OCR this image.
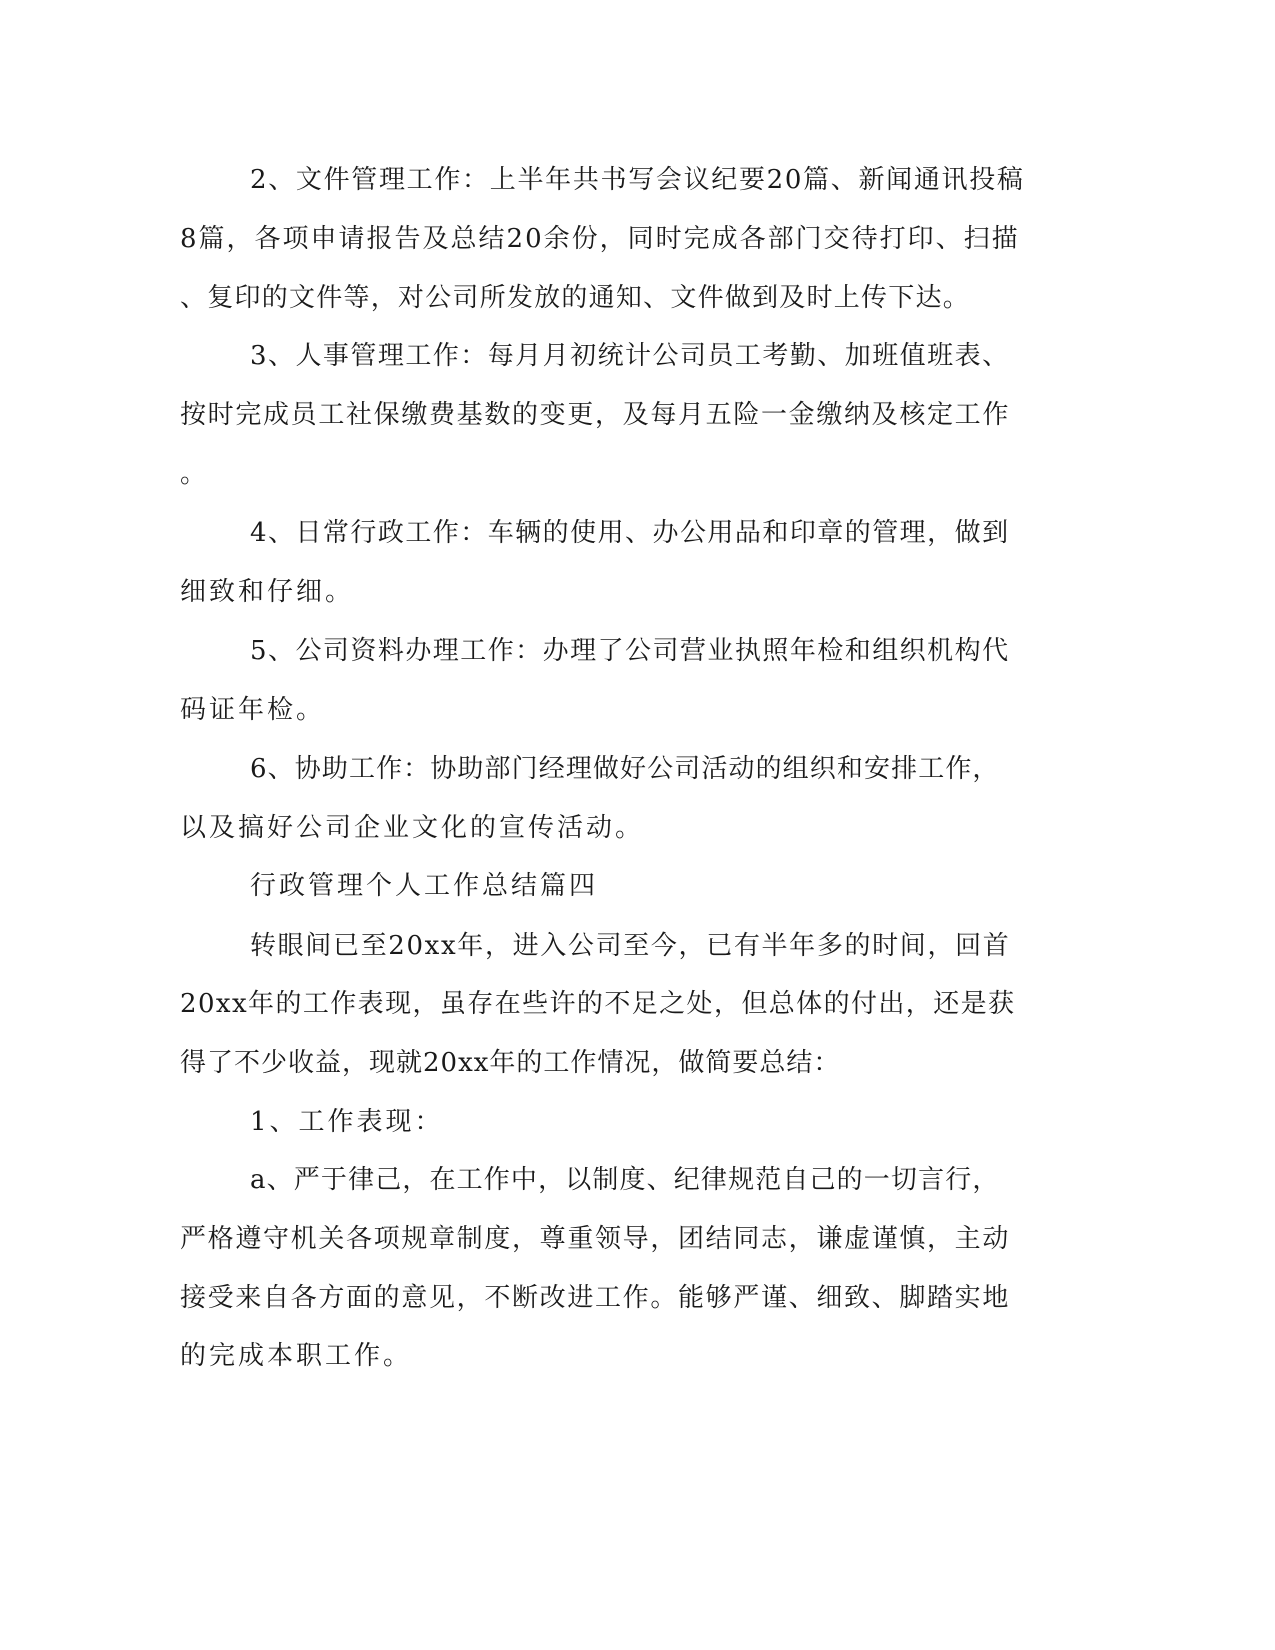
2、文件管理工作：上半年共书写会议纪要20篇、新闻通讯投稿

8篇，各项申请报告及总结20余份，同时完成各部门交待打印、扫描

、复印的文件等，对公司所发放的通知、文件做到及时上传下达。

3、人事管理工作：每月月初统计公司员工考勤、加班值班表、

按时完成员工社保缴费基数的变更，及每月五险一金缴纳及核定工作

。

4、日常行政工作：车辆的使用、办公用品和印章的管理，做到

细致和仔细。

5、公司资料办理工作：办理了公司营业执照年检和组织机构代

码证年检。

6、协助工作：协助部门经理做好公司活动的组织和安排工作，

以及搞好公司企业文化的宣传活动。

行政管理个人工作总结篇四

转眼间已至20xx年，进入公司至今，已有半年多的时间，回首

20xx年的工作表现，虽存在些许的不足之处，但总体的付出，还是获

得了不少收益，现就20xx年的工作情况，做简要总结：

1、工作表现：

a、严于律己，在工作中，以制度、纪律规范自己的一切言行，

严格遵守机关各项规章制度，尊重领导，团结同志，谦虚谨慎，主动

接受来自各方面的意见，不断改进工作。能够严谨、细致、脚踏实地

的完成本职工作。
